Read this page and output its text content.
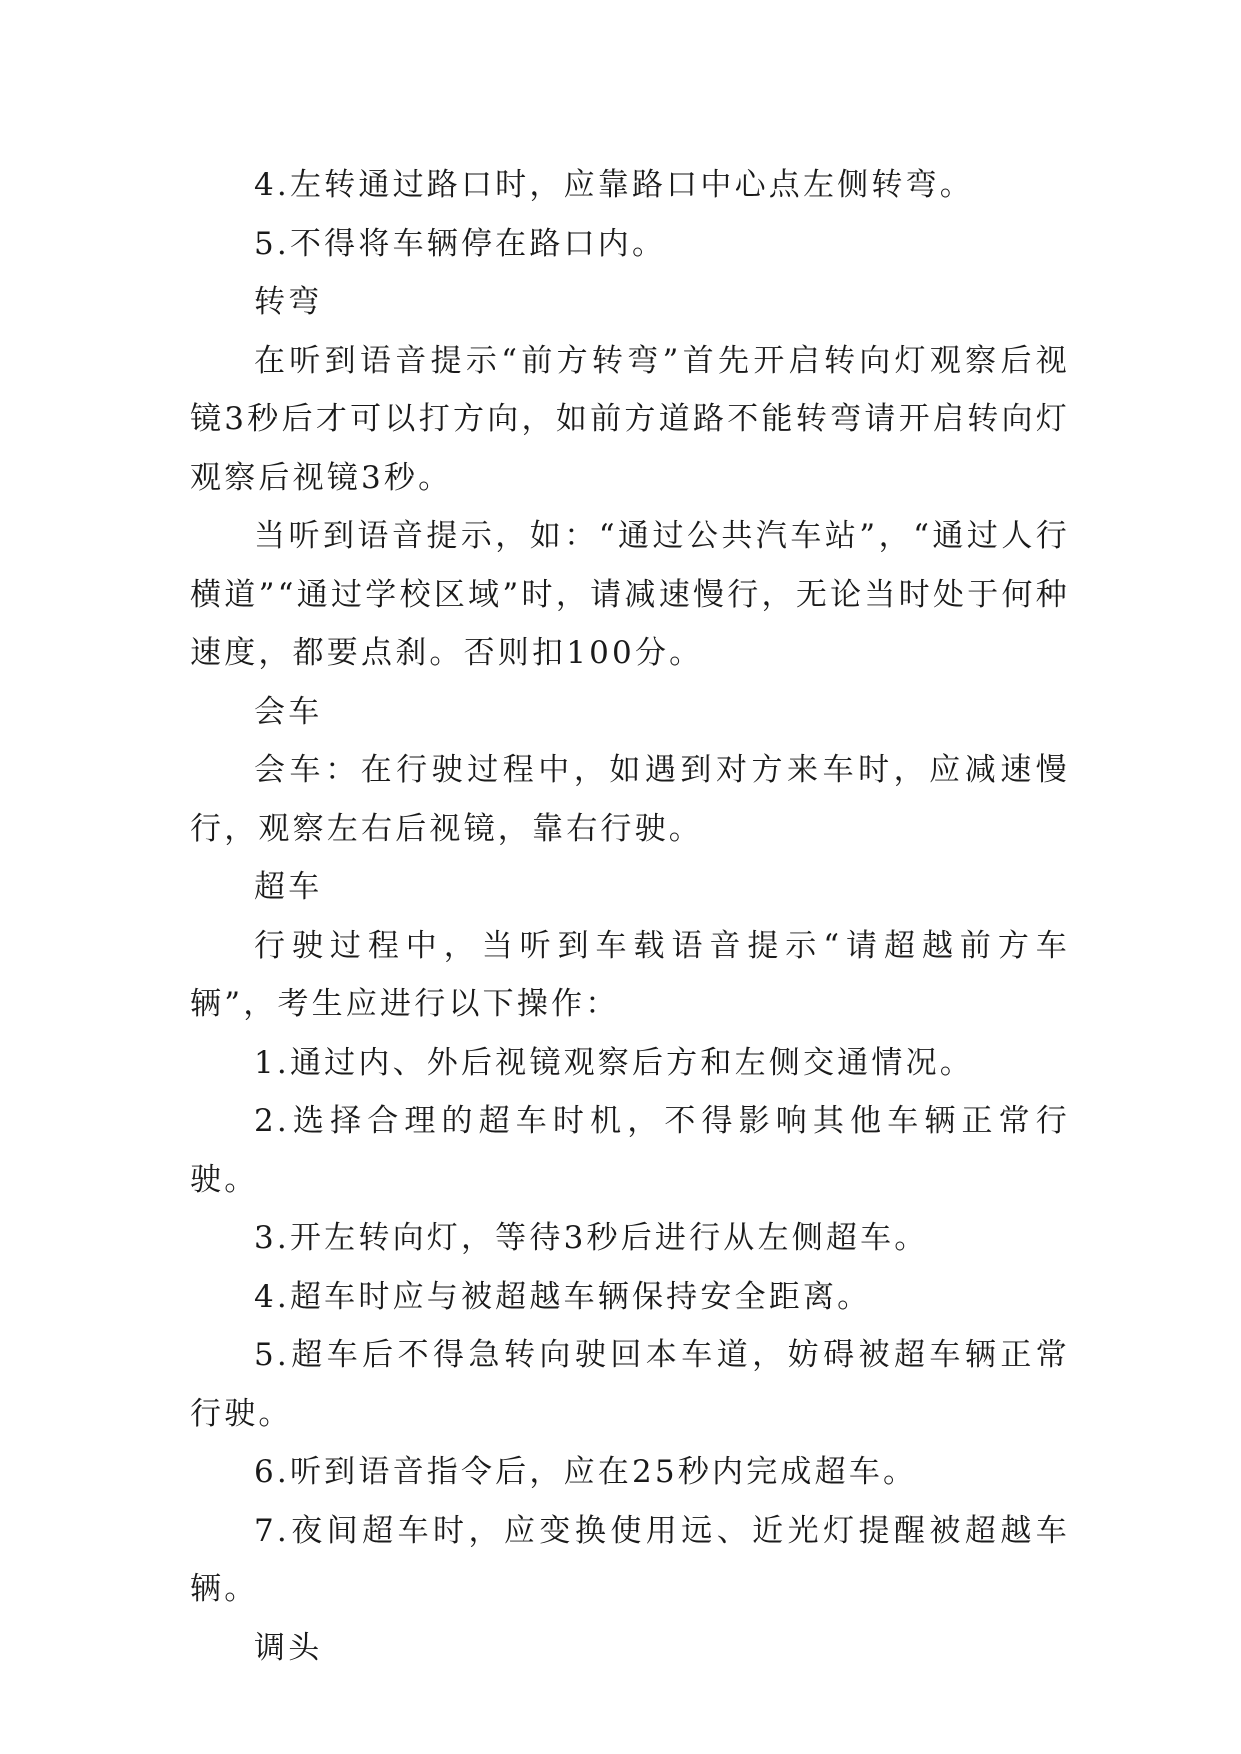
4.左转通过路口时，应靠路口中心点左侧转弯。

5.不得将车辆停在路口内。

转弯

在听到语音提示“前方转弯”首先开启转向灯观察后视镜3秒后才可以打方向，如前方道路不能转弯请开启转向灯观察后视镜3秒。

当听到语音提示，如：“通过公共汽车站”，“通过人行横道”“通过学校区域”时，请减速慢行，无论当时处于何种速度，都要点刹。否则扣100分。

会车

会车：在行驶过程中，如遇到对方来车时，应减速慢行，观察左右后视镜，靠右行驶。

超车

行驶过程中，当听到车载语音提示“请超越前方车辆”，考生应进行以下操作：

1.通过内、外后视镜观察后方和左侧交通情况。

2.选择合理的超车时机，不得影响其他车辆正常行驶。

3.开左转向灯，等待3秒后进行从左侧超车。

4.超车时应与被超越车辆保持安全距离。

5.超车后不得急转向驶回本车道，妨碍被超车辆正常行驶。

6.听到语音指令后，应在25秒内完成超车。

7.夜间超车时，应变换使用远、近光灯提醒被超越车辆。

调头
